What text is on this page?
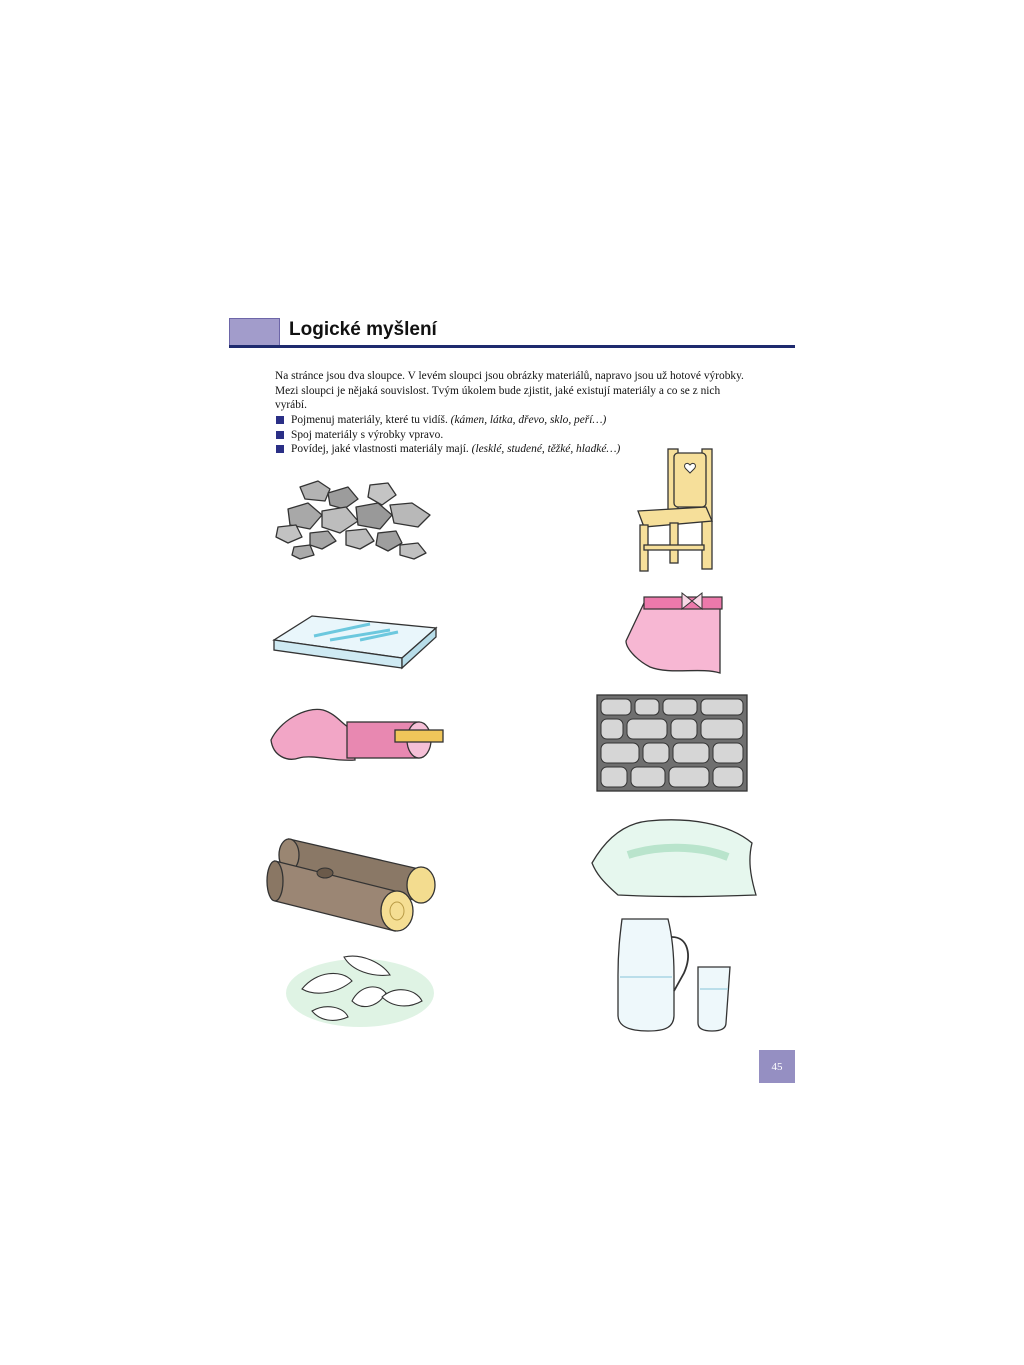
Logické myšlení
Na stránce jsou dva sloupce. V levém sloupci jsou obrázky materiálů, napravo jsou už hotové výrobky. Mezi sloupci je nějaká souvislost. Tvým úkolem bude zjistit, jaké existují materiály a co se z nich vyrábí.
Pojmenuj materiály, které tu vidíš. (kámen, látka, dřevo, sklo, peří…)
Spoj materiály s výrobky vpravo.
Povídej, jaké vlastnosti materiály mají. (lesklé, studené, těžké, hladké…)
45
